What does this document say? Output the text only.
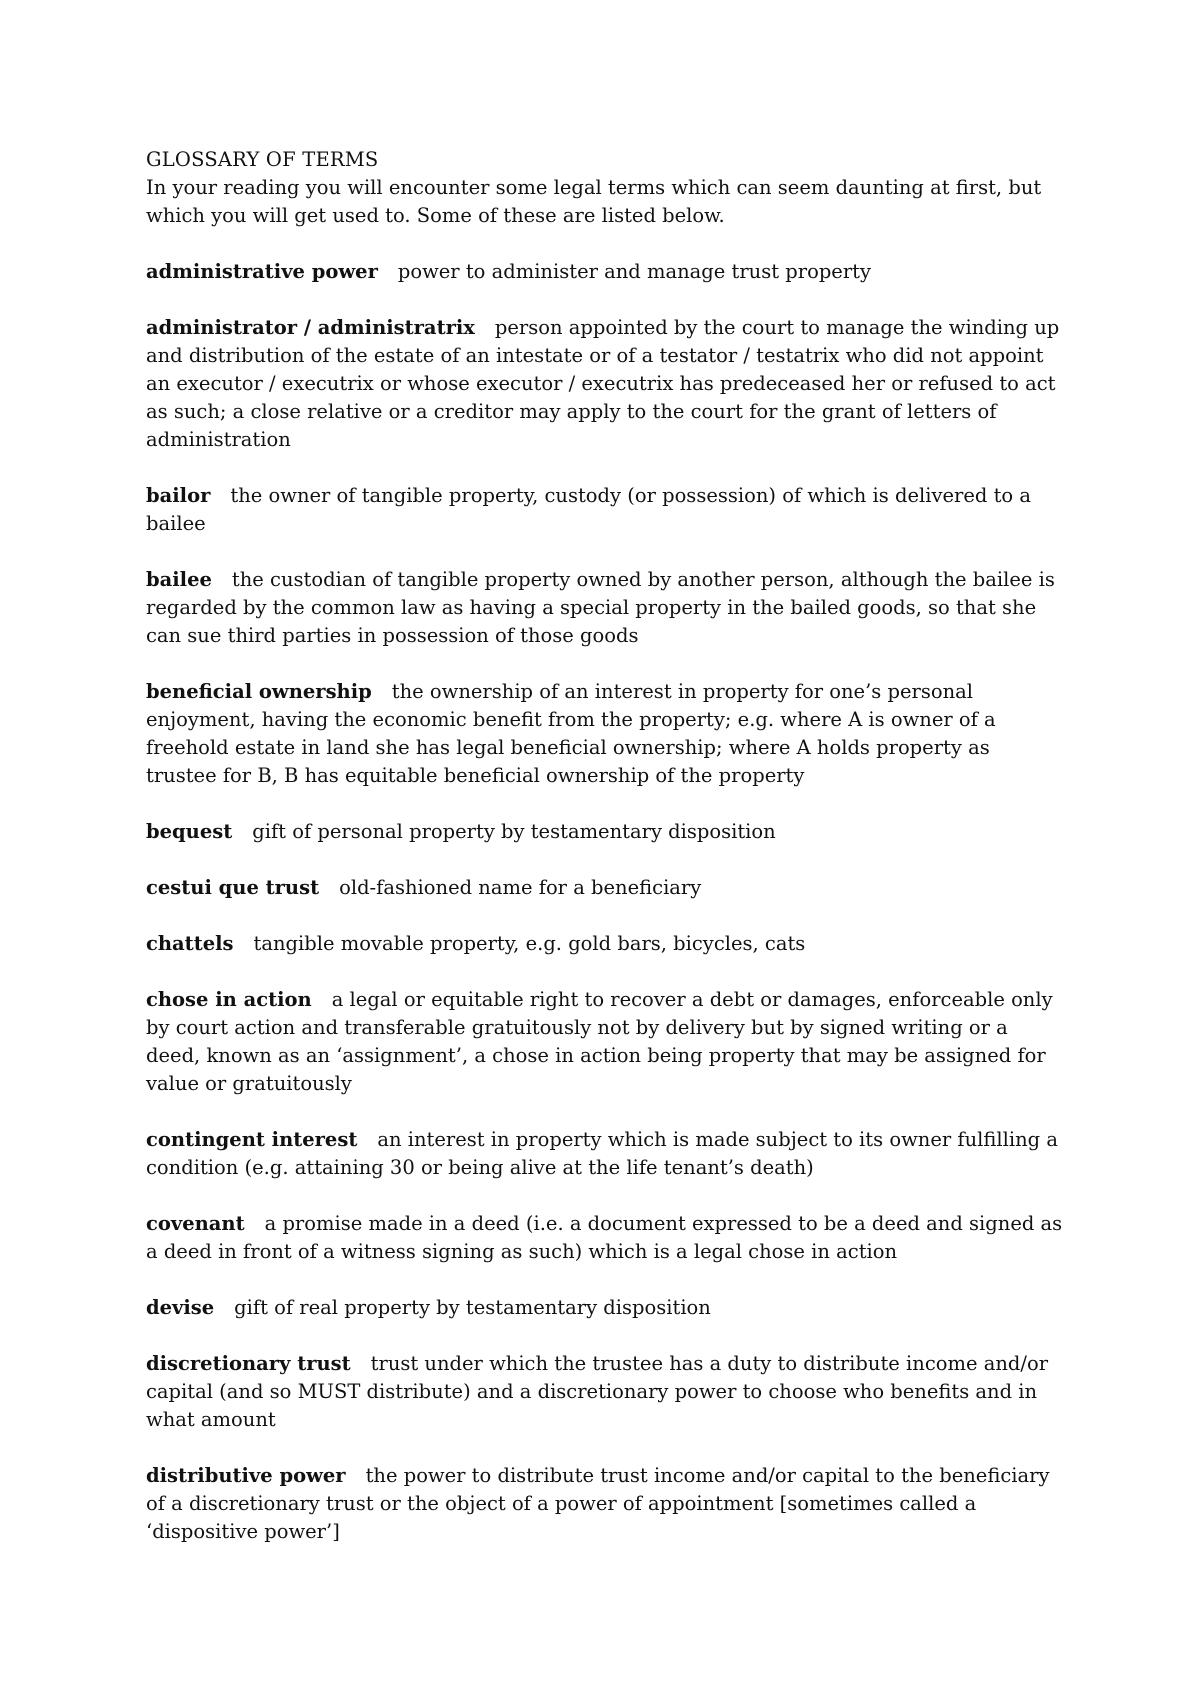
GLOSSARY OF TERMS
In your reading you will encounter some legal terms which can seem daunting at first, but which you will get used to. Some of these are listed below.
administrative power power to administer and manage trust property
administrator / administratrix person appointed by the court to manage the winding up and distribution of the estate of an intestate or of a testator / testatrix who did not appoint an executor / executrix or whose executor / executrix has predeceased her or refused to act as such; a close relative or a creditor may apply to the court for the grant of letters of administration
bailor the owner of tangible property, custody (or possession) of which is delivered to a bailee
bailee the custodian of tangible property owned by another person, although the bailee is regarded by the common law as having a special property in the bailed goods, so that she can sue third parties in possession of those goods
beneficial ownership the ownership of an interest in property for one’s personal enjoyment, having the economic benefit from the property; e.g. where A is owner of a freehold estate in land she has legal beneficial ownership; where A holds property as trustee for B, B has equitable beneficial ownership of the property
bequest gift of personal property by testamentary disposition
cestui que trust old-fashioned name for a beneficiary
chattels tangible movable property, e.g. gold bars, bicycles, cats
chose in action a legal or equitable right to recover a debt or damages, enforceable only by court action and transferable gratuitously not by delivery but by signed writing or a deed, known as an ‘assignment’, a chose in action being property that may be assigned for value or gratuitously
contingent interest an interest in property which is made subject to its owner fulfilling a condition (e.g. attaining 30 or being alive at the life tenant’s death)
covenant a promise made in a deed (i.e. a document expressed to be a deed and signed as a deed in front of a witness signing as such) which is a legal chose in action
devise gift of real property by testamentary disposition
discretionary trust trust under which the trustee has a duty to distribute income and/or capital (and so MUST distribute) and a discretionary power to choose who benefits and in what amount
distributive power the power to distribute trust income and/or capital to the beneficiary of a discretionary trust or the object of a power of appointment [sometimes called a ‘dispositive power’]
